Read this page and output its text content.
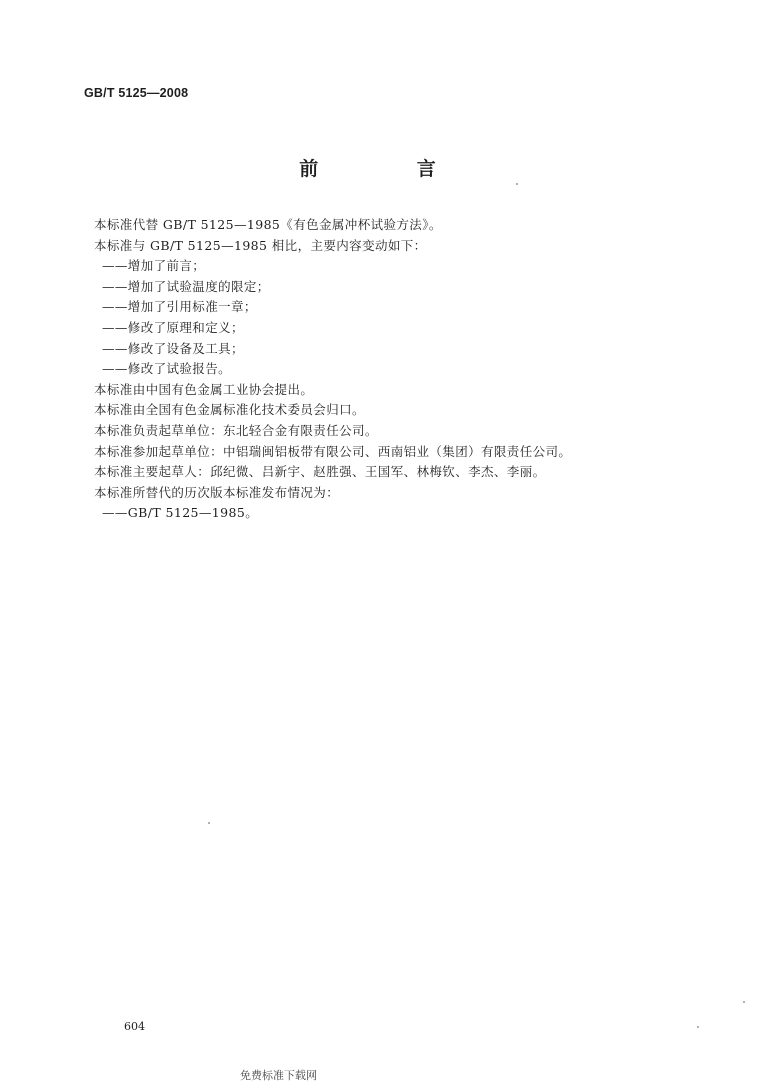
GB/T 5125—2008
前 言
本标准代替 GB/T 5125—1985《有色金属冲杯试验方法》。
本标准与 GB/T 5125—1985 相比，主要内容变动如下：
——增加了前言；
——增加了试验温度的限定；
——增加了引用标准一章；
——修改了原理和定义；
——修改了设备及工具；
——修改了试验报告。
本标准由中国有色金属工业协会提出。
本标准由全国有色金属标准化技术委员会归口。
本标准负责起草单位：东北轻合金有限责任公司。
本标准参加起草单位：中铝瑞闽铝板带有限公司、西南铝业（集团）有限责任公司。
本标准主要起草人：邱纪微、吕新宇、赵胜强、王国军、林梅钦、李杰、李丽。
本标准所替代的历次版本标准发布情况为：
——GB/T 5125—1985。
604
免费标准下载网
